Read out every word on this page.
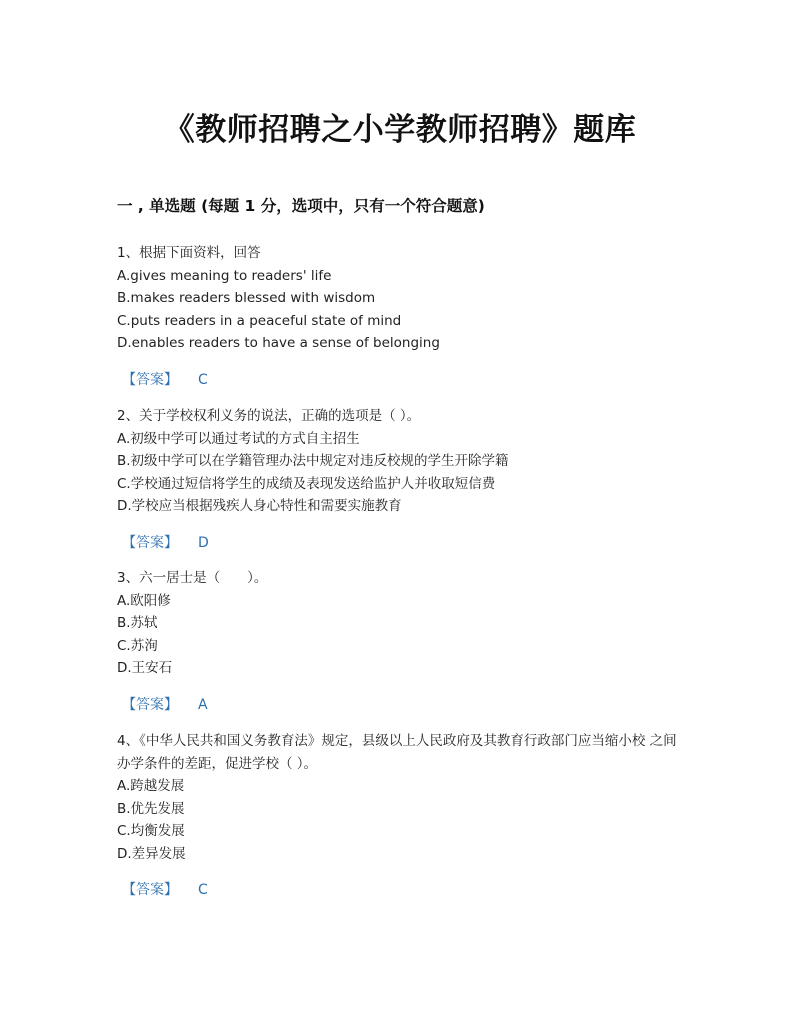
《教师招聘之小学教师招聘》题库
一 , 单选题 (每题 1 分，选项中，只有一个符合题意)
1、根据下面资料，回答
A.gives meaning to readers' life
B.makes readers blessed with wisdom
C.puts readers in a peaceful state of mind
D.enables readers to have a sense of belonging
【答案】 C
2、关于学校权利义务的说法，正确的选项是（ ）。
A.初级中学可以通过考试的方式自主招生
B.初级中学可以在学籍管理办法中规定对违反校规的学生开除学籍
C.学校通过短信将学生的成绩及表现发送给监护人并收取短信费
D.学校应当根据残疾人身心特性和需要实施教育
【答案】 D
3、六一居士是（　　）。
A.欧阳修
B.苏轼
C.苏洵
D.王安石
【答案】 A
4、《中华人民共和国义务教育法》规定，县级以上人民政府及其教育行政部门应当缩小校 之间办学条件的差距，促进学校（ ）。
A.跨越发展
B.优先发展
C.均衡发展
D.差异发展
【答案】 C
